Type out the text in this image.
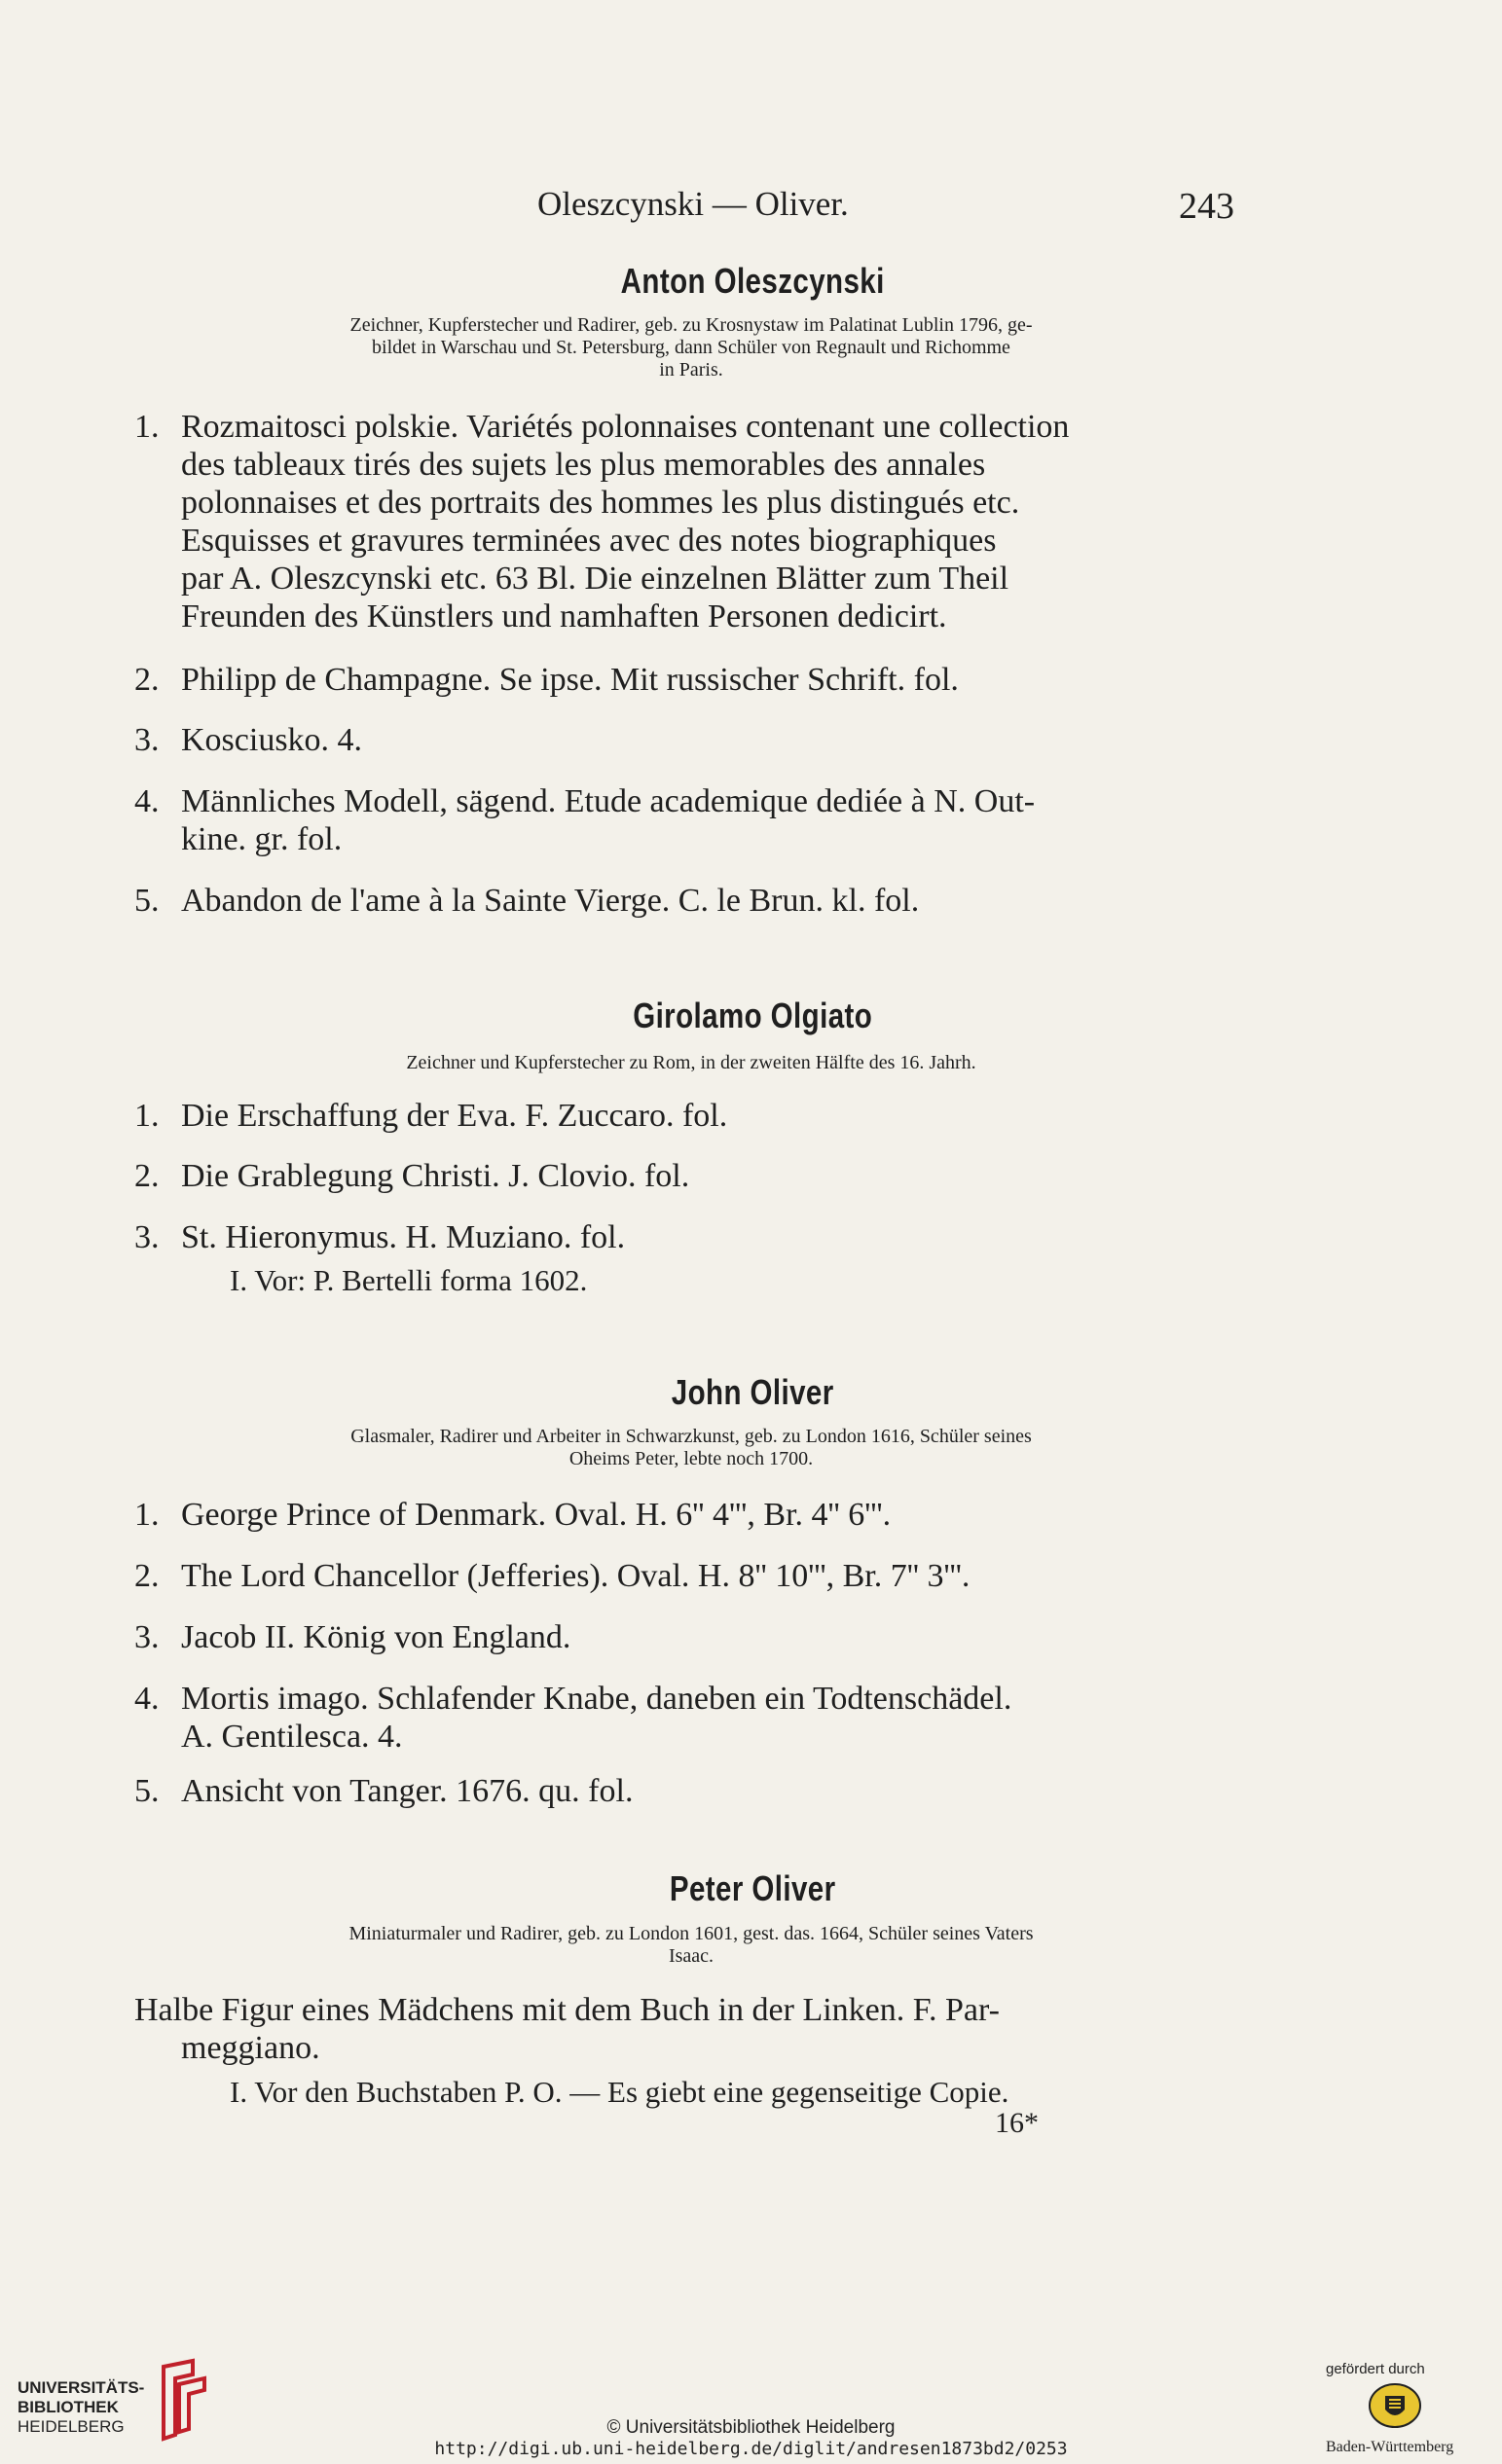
Oleszcynski — Oliver.	243
Anton Oleszcynski
Zeichner, Kupferstecher und Radirer, geb. zu Krosnystaw im Palatinat Lublin 1796, ge-
bildet in Warschau und St. Petersburg, dann Schüler von Regnault und Richomme
in Paris.
1. Rozmaitosci polskie. Variétés polonnaises contenant une collection
des tableaux tirés des sujets les plus memorables des annales
polonnaises et des portraits des hommes les plus distingués etc.
Esquisses et gravures terminées avec des notes biographiques
par A. Oleszcynski etc. 63 Bl. Die einzelnen Blätter zum Theil
Freunden des Künstlers und namhaften Personen dedicirt.
2. Philipp de Champagne. Se ipse. Mit russischer Schrift. fol.
3. Kosciusko. 4.
4. Männliches Modell, sägend. Etude academique dediée à N. Out-
kine. gr. fol.
5. Abandon de l'ame à la Sainte Vierge. C. le Brun. kl. fol.
Girolamo Olgiato
Zeichner und Kupferstecher zu Rom, in der zweiten Hälfte des 16. Jahrh.
1. Die Erschaffung der Eva. F. Zuccaro. fol.
2. Die Grablegung Christi. J. Clovio. fol.
3. St. Hieronymus. H. Muziano. fol.
I. Vor: P. Bertelli forma 1602.
John Oliver
Glasmaler, Radirer und Arbeiter in Schwarzkunst, geb. zu London 1616, Schüler seines
Oheims Peter, lebte noch 1700.
1. George Prince of Denmark. Oval. H. 6'' 4''', Br. 4'' 6'''.
2. The Lord Chancellor (Jefferies). Oval. H. 8'' 10''', Br. 7'' 3'''.
3. Jacob II. König von England.
4. Mortis imago. Schlafender Knabe, daneben ein Todtenschädel.
A. Gentilesca. 4.
5. Ansicht von Tanger. 1676. qu. fol.
Peter Oliver
Miniaturmaler und Radirer, geb. zu London 1601, gest. das. 1664, Schüler seines Vaters
Isaac.
Halbe Figur eines Mädchens mit dem Buch in der Linken. F. Par-
meggiano.
I. Vor den Buchstaben P. O. — Es giebt eine gegenseitige Copie.
16*
UNIVERSITÄTS-
BIBLIOTHEK
HEIDELBERG	© Universitätsbibliothek Heidelberg
http://digi.ub.uni-heidelberg.de/diglit/andresen1873bd2/0253
gefördert durch
Baden-Württemberg
